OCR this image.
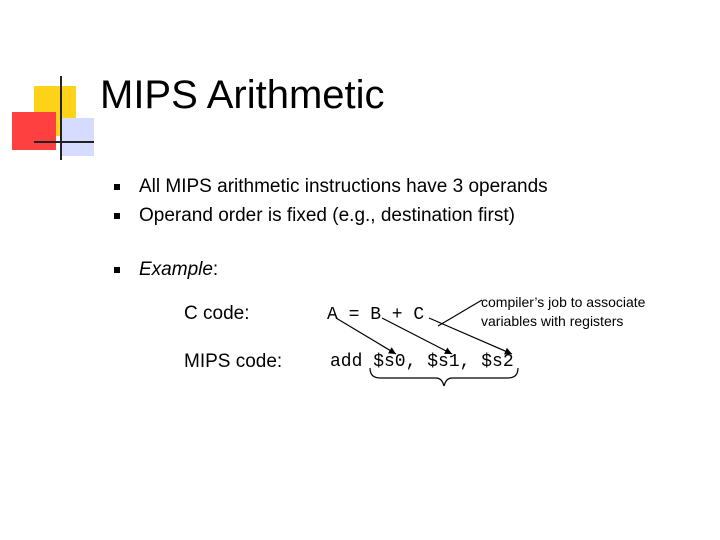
MIPS Arithmetic
All MIPS arithmetic instructions have 3 operands
Operand order is fixed (e.g., destination first)
Example:
C code:	A = B + C
MIPS code:	add $s0, $s1, $s2
compiler’s job to associate
variables with registers
